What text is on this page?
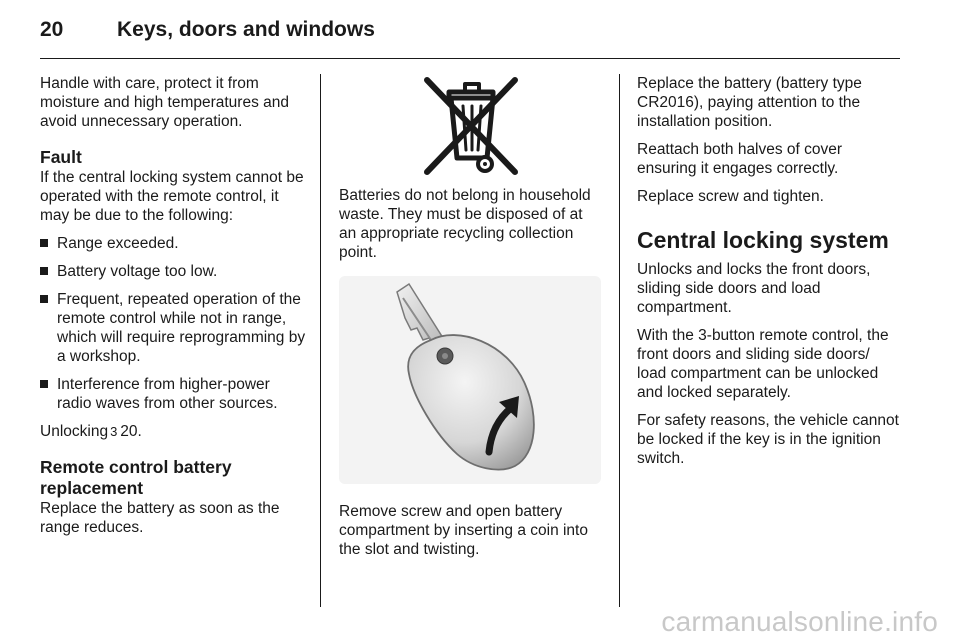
20	Keys, doors and windows

Handle with care, protect it from moisture and high temperatures and avoid unnecessary operation.

Fault

If the central locking system cannot be operated with the remote control, it may be due to the following:

Range exceeded.
Battery voltage too low.
Frequent, repeated operation of the remote control while not in range, which will require reprogramming by a workshop.
Interference from higher-power radio waves from other sources.

Unlocking 3 20.

Remote control battery replacement

Replace the battery as soon as the range reduces.

Batteries do not belong in household waste. They must be disposed of at an appropriate recycling collection point.

Remove screw and open battery compartment by inserting a coin into the slot and twisting.

Replace the battery (battery type CR2016), paying attention to the installation position.

Reattach both halves of cover ensuring it engages correctly.

Replace screw and tighten.

Central locking system

Unlocks and locks the front doors, sliding side doors and load compartment.

With the 3-button remote control, the front doors and sliding side doors/ load compartment can be unlocked and locked separately.

For safety reasons, the vehicle cannot be locked if the key is in the ignition switch.

carmanualsonline.info
